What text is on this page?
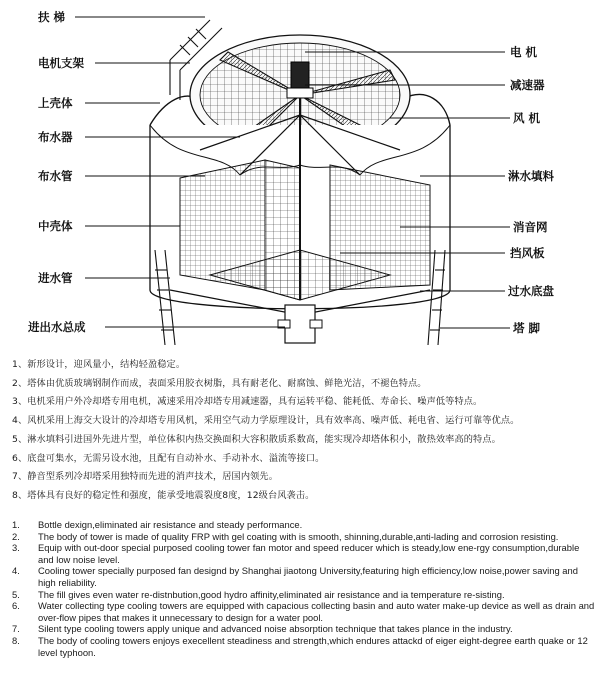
扶 梯
电机支架
上壳体
布水器
布水管
中壳体
进水管
进出水总成
电 机
减速器
风 机
淋水填料
消音网
挡风板
过水底盘
塔 脚
1、新形设计，迎风量小，结构轻盈稳定。
2、塔体由优质玻璃钢制作而成，表面采用胶衣树脂，具有耐老化、耐腐蚀、鲜艳光洁，不褪色特点。
3、电机采用户外冷却塔专用电机，减速采用冷却塔专用减速器，具有运转平稳、能耗低、寿命长、噪声低等特点。
4、风机采用上海交大设计的冷却塔专用风机，采用空气动力学原理设计，具有效率高、噪声低、耗电省、运行可靠等优点。
5、淋水填料引进国外先进片型，单位体积内热交换面积大容积散质系数高，能实现冷却塔体积小，散热效率高的特点。
6、底盘可集水，无需另设水池，且配有自动补水、手动补水、溢流等接口。
7、静音型系列冷却塔采用独特而先进的消声技术，居国内领先。
8、塔体具有良好的稳定性和强度，能承受地震裂度8度，12级台风袭击。
1. Bottle dexign,eliminated air resistance and steady performance.
2. The body of tower is made of quality FRP with gel coating with is smooth, shinning,durable,anti-lading and corrosion resisting.
3. Equip with out-door special purposed cooling tower fan motor and speed reducer which is steady,low ene-rgy consumption,durable and low noise level.
4. Cooling tower specially purposed fan designd by Shanghai jiaotong University,featuring high efficiency,low noise,power saving and high reliability.
5. The fill gives even water re-distnbution,good hydro affinity,eliminated air resistance and ia temperature re-sisting.
6. Water collecting type cooling towers are equipped with capacious collecting basin and auto water make-up device as well as drain and over-flow pipes that makes it unnecessary to design for a water pool.
7. Silent type cooling towers apply unique and advanced noise absorption technique that takes plance in the industry.
8. The body of cooling towers enjoys execellent steadiness and strength,which endures attackd of eiger eight-degree earth quake or 12 level typhoon.
